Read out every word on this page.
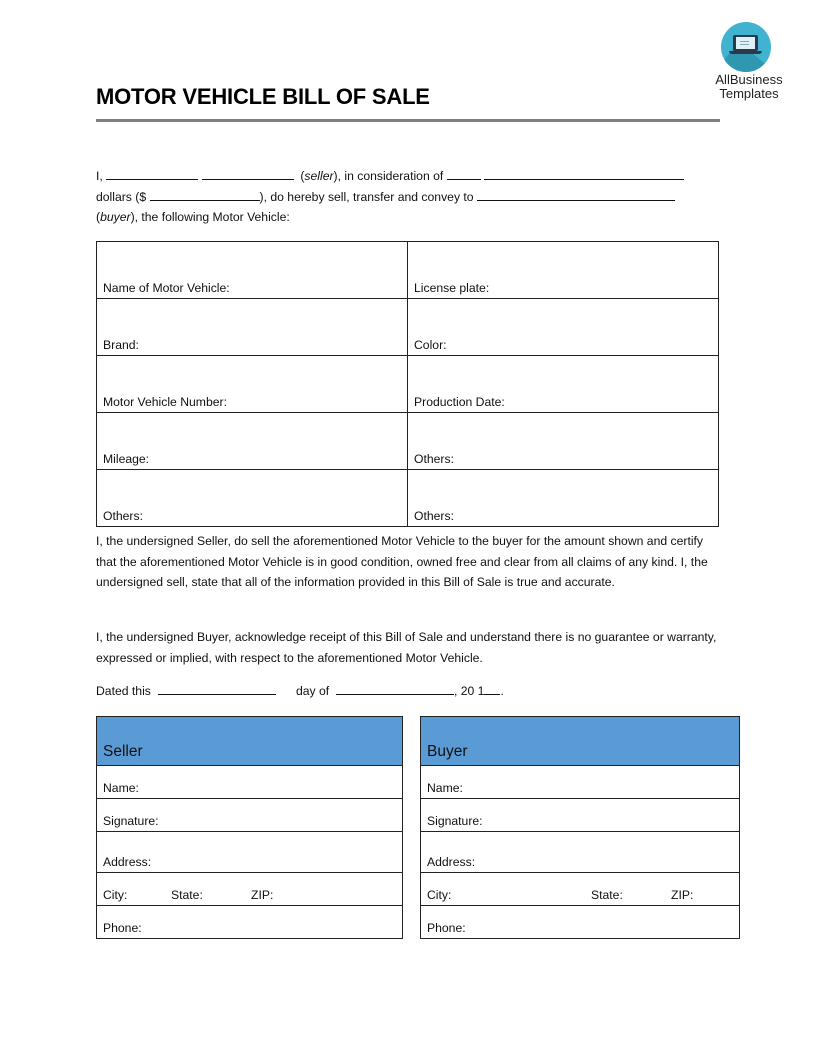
AllBusiness
Templates
MOTOR VEHICLE BILL OF SALE
I,	(seller), in consideration of
dollars ($	), do hereby sell, transfer and convey to
(buyer), the following Motor Vehicle:
Name of Motor Vehicle:	License plate:
Brand:	Color:
Motor Vehicle Number:	Production Date:
Mileage:	Others:
Others:	Others:
I, the undersigned Seller, do sell the aforementioned Motor Vehicle to the buyer for the amount shown and certify that the aforementioned Motor Vehicle is in good condition, owned free and clear from all claims of any kind. I, the undersigned sell, state that all of the information provided in this Bill of Sale is true and accurate.
I, the undersigned Buyer, acknowledge receipt of this Bill of Sale and understand there is no guarantee or warranty, expressed or implied, with respect to the aforementioned Motor Vehicle.
Dated this	day of	, 20 1 .
Seller
Name:
Signature:
Address:
City:	State:	ZIP:
Phone:
Buyer
Name:
Signature:
Address:
City:	State:	ZIP:
Phone:
